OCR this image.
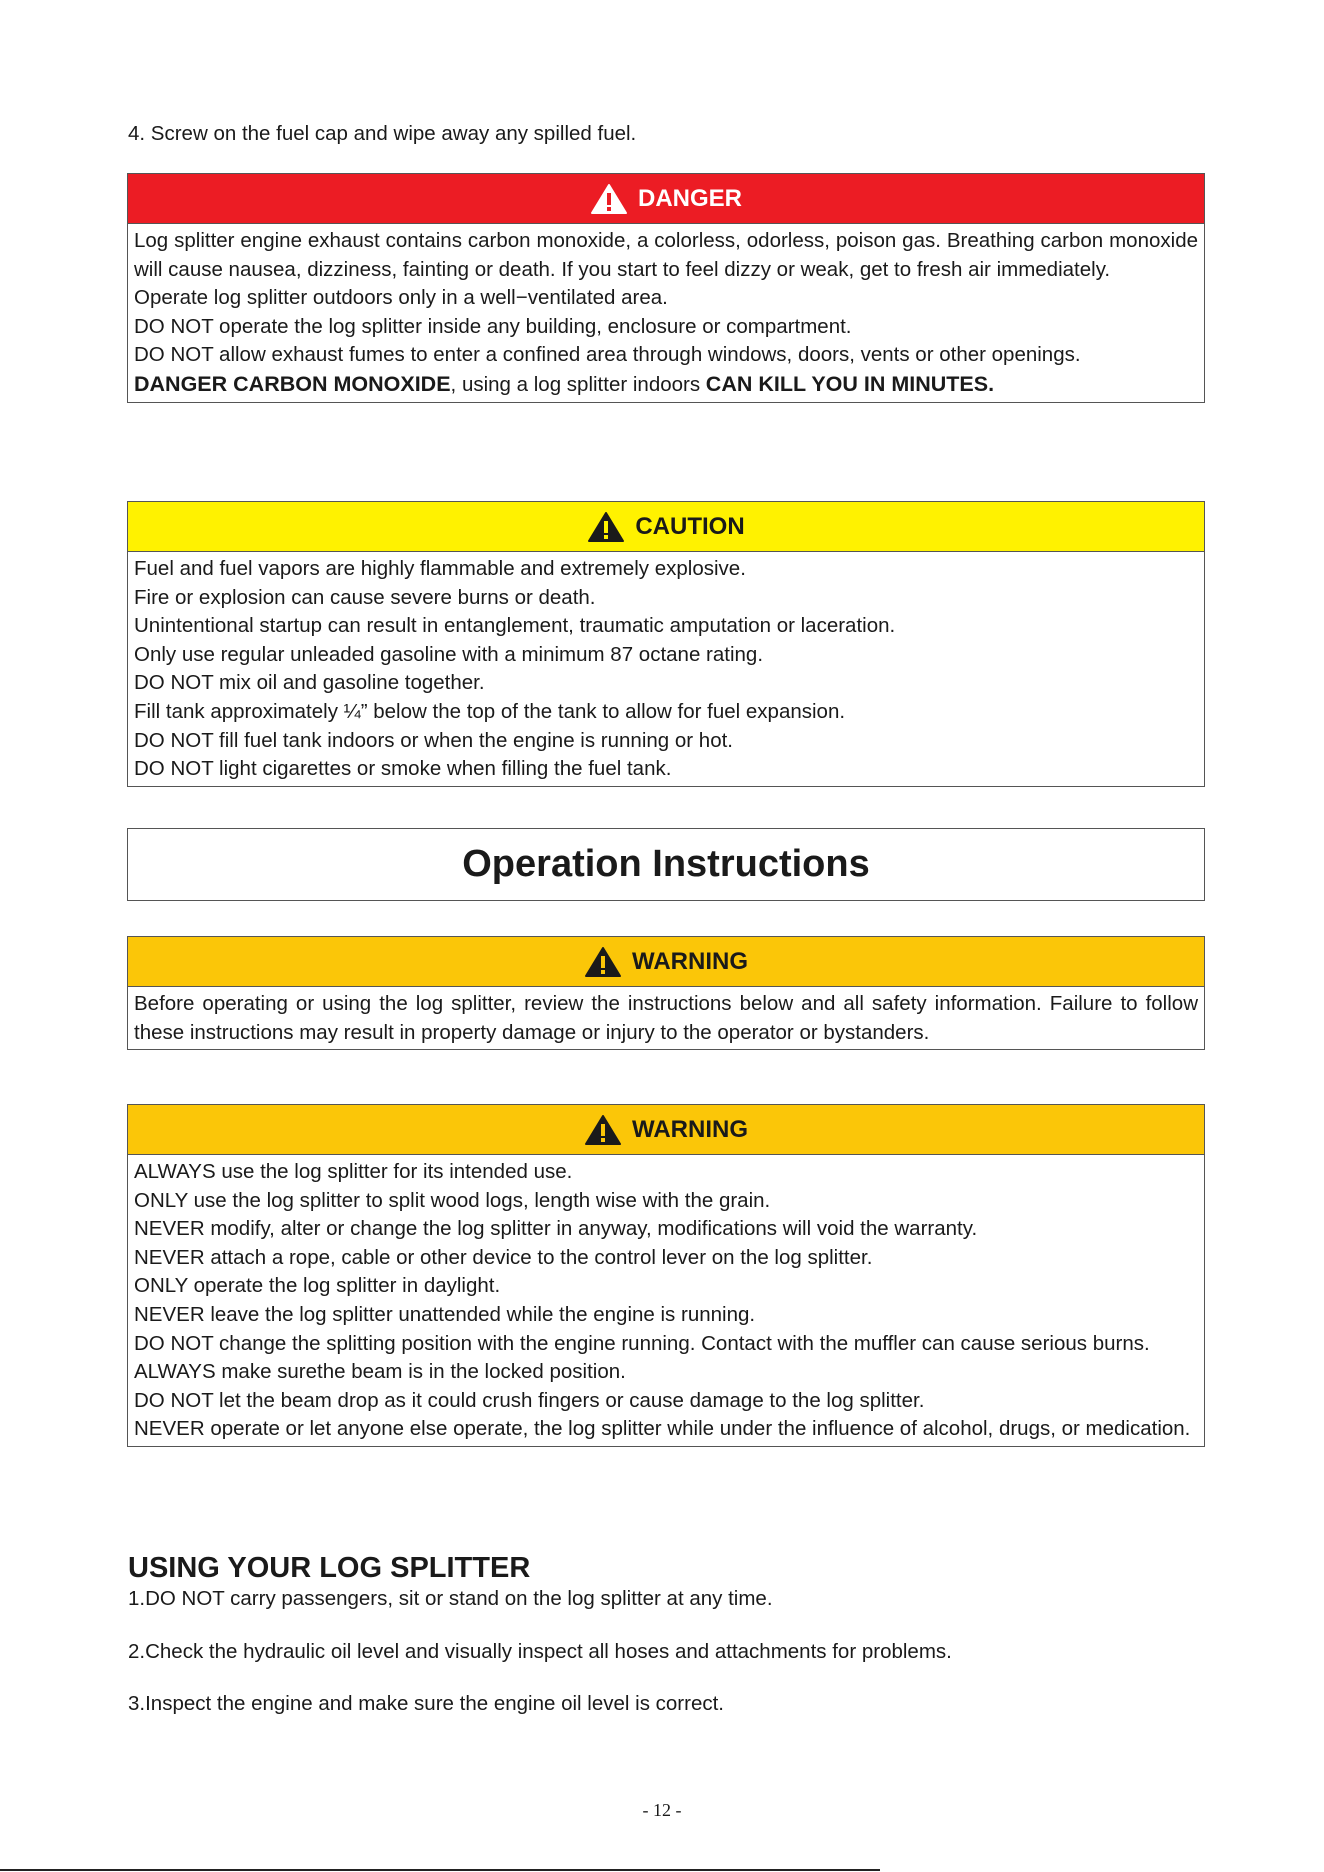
4. Screw on the fuel cap and wipe away any spilled fuel.
DANGER
Log splitter engine exhaust contains carbon monoxide, a colorless, odorless, poison gas. Breathing carbon monoxide will cause nausea, dizziness, fainting or death. If you start to feel dizzy or weak, get to fresh air immediately.
Operate log splitter outdoors only in a well−ventilated area.
DO NOT operate the log splitter inside any building, enclosure or compartment.
DO NOT allow exhaust fumes to enter a confined area through windows, doors, vents or other openings.
DANGER CARBON MONOXIDE, using a log splitter indoors CAN KILL YOU IN MINUTES.
CAUTION
Fuel and fuel vapors are highly flammable and extremely explosive.
Fire or explosion can cause severe burns or death.
Unintentional startup can result in entanglement, traumatic amputation or laceration.
Only use regular unleaded gasoline with a minimum 87 octane rating.
DO NOT mix oil and gasoline together.
Fill tank approximately ¼” below the top of the tank to allow for fuel expansion.
DO NOT fill fuel tank indoors or when the engine is running or hot.
DO NOT light cigarettes or smoke when filling the fuel tank.
Operation Instructions
WARNING
Before operating or using the log splitter, review the instructions below and all safety information. Failure to follow these instructions may result in property damage or injury to the operator or bystanders.
WARNING
ALWAYS use the log splitter for its intended use.
ONLY use the log splitter to split wood logs, length wise with the grain.
NEVER modify, alter or change the log splitter in anyway, modifications will void the warranty.
NEVER attach a rope, cable or other device to the control lever on the log splitter.
ONLY operate the log splitter in daylight.
NEVER leave the log splitter unattended while the engine is running.
DO NOT change the splitting position with the engine running. Contact with the muffler can cause serious burns.
ALWAYS make surethe beam is in the locked position.
DO NOT let the beam drop as it could crush fingers or cause damage to the log splitter.
NEVER operate or let anyone else operate, the log splitter while under the influence of alcohol, drugs, or medication.
USING YOUR LOG SPLITTER
1.DO NOT carry passengers, sit or stand on the log splitter at any time.
2.Check the hydraulic oil level and visually inspect all hoses and attachments for problems.
3.Inspect the engine and make sure the engine oil level is correct.
- 12 -
